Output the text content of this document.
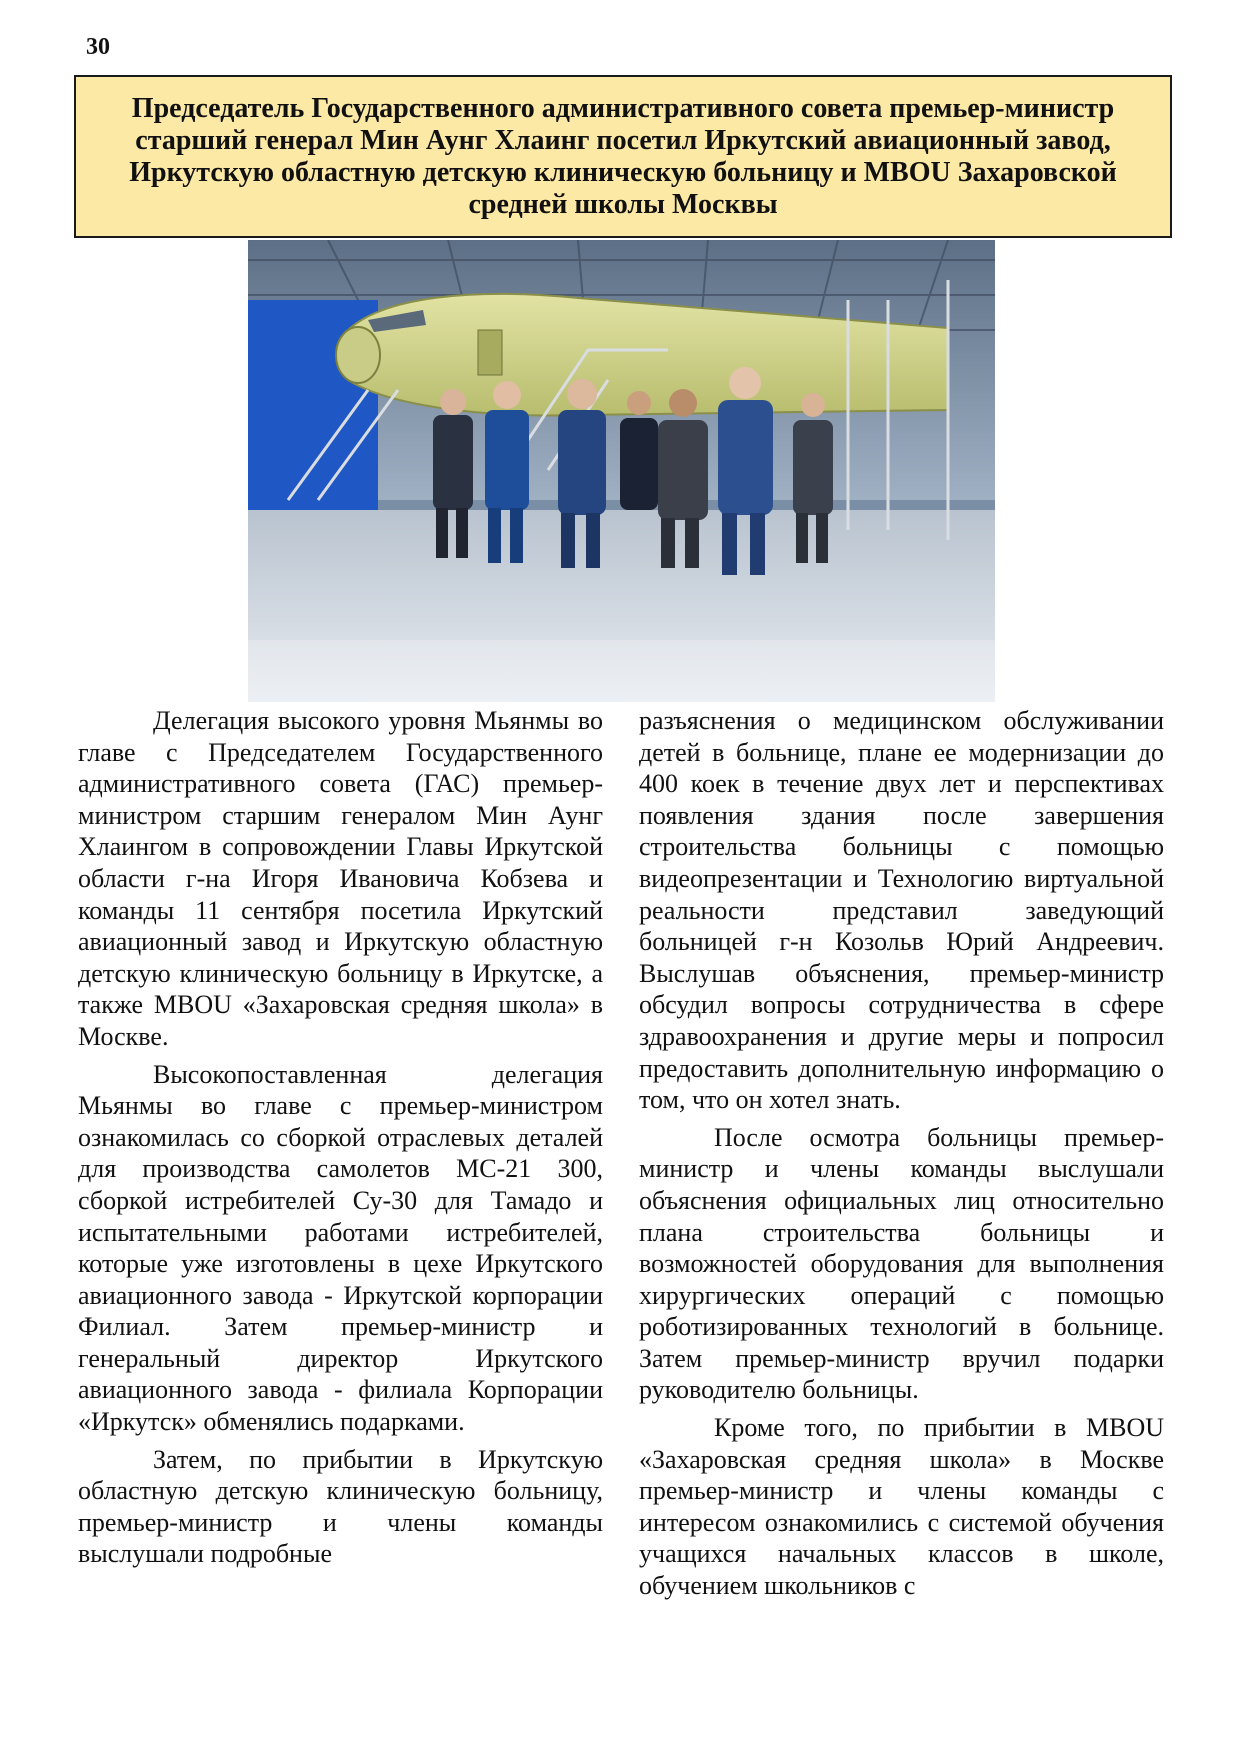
30
Председатель Государственного административного совета премьер-министр старший генерал Мин Аунг Хлаинг посетил Иркутский авиационный завод, Иркутскую областную детскую клиническую больницу и MBOU Захаровской средней школы Москвы

Делегация высокого уровня Мьянмы во главе с Председателем Государственного административного совета (ГАС) премьер-министром старшим генералом Мин Аунг Хлаингом в сопровождении Главы Иркутской области г-на Игоря Ивановича Кобзева и команды 11 сентября посетила Иркутский авиационный завод и Иркутскую областную детскую клиническую больницу в Иркутске, а также MBOU «Захаровская средняя школа» в Москве.

Высокопоставленная делегация Мьянмы во главе с премьер-министром ознакомилась со сборкой отраслевых деталей для производства самолетов МС-21 300, сборкой истребителей Су-30 для Тамадо и испытательными работами истребителей, которые уже изготовлены в цехе Иркутского авиационного завода - Иркутской корпорации Филиал. Затем премьер-министр и генеральный директор Иркутского авиационного завода - филиала Корпорации «Иркутск» обменялись подарками.

Затем, по прибытии в Иркутскую областную детскую клиническую больницу, премьер-министр и члены команды выслушали подробные

разъяснения о медицинском обслуживании детей в больнице, плане ее модернизации до 400 коек в течение двух лет и перспективах появления здания после завершения строительства больницы с помощью видеопрезентации и Технологию виртуальной реальности представил заведующий больницей г-н Козольв Юрий Андреевич. Выслушав объяснения, премьер-министр обсудил вопросы сотрудничества в сфере здравоохранения и другие меры и попросил предоставить дополнительную информацию о том, что он хотел знать.

После осмотра больницы премьер-министр и члены команды выслушали объяснения официальных лиц относительно плана строительства больницы и возможностей оборудования для выполнения хирургических операций с помощью роботизированных технологий в больнице. Затем премьер-министр вручил подарки руководителю больницы.

Кроме того, по прибытии в MBOU «Захаровская средняя школа» в Москве премьер-министр и члены команды с интересом ознакомились с системой обучения учащихся начальных классов в школе, обучением школьников с
